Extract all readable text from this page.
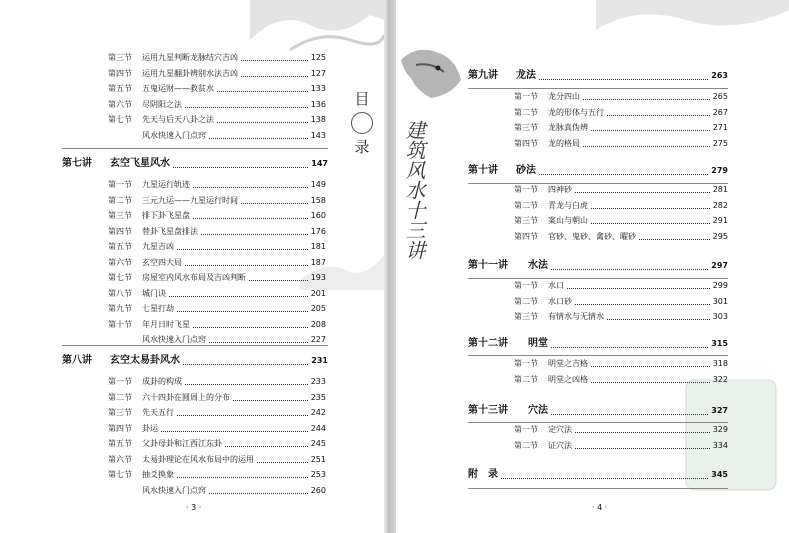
目
录
第三节	运用九星判断龙脉结穴吉凶	125
第四节	运用九星翻卦辨别水法吉凶	127
第五节	五鬼运财——救贫水	133
第六节	尽阴阳之法	136
第七节	先天与后天八卦之法	138
风水快速入门点窍	143
第七讲	玄空飞星风水	147
第一节	九星运行轨迹	149
第二节	三元九运——九星运行时间	158
第三节	排下卦飞星盘	160
第四节	替卦飞星盘排法	176
第五节	九星吉凶	181
第六节	玄空四大局	187
第七节	房屋室内风水布局及吉凶判断	193
第八节	城门诀	201
第九节	七星打劫	205
第十节	年月日时飞星	208
风水快速入门点窍	227
第八讲	玄空太易卦风水	231
第一节	成卦的构成	233
第二节	六十四卦在圆周上的分布	235
第三节	先天五行	242
第四节	卦运	244
第五节	父卦母卦和江西江东卦	245
第六节	太易卦理论在风水布局中的运用	251
第七节	抽爻换象	253
风水快速入门点窍	260
· 3 ·
建筑风水十三讲
第九讲	龙法	263
第一节	龙分四山	265
第二节	龙的形体与五行	267
第三节	龙脉真伪辨	271
第四节	龙的格局	275
第十讲	砂法	279
第一节	四神砂	281
第二节	青龙与白虎	282
第三节	案山与朝山	291
第四节	官砂、鬼砂、禽砂、曜砂	295
第十一讲	水法	297
第一节	水口	299
第二节	水口砂	301
第三节	有情水与无情水	303
第十二讲	明堂	315
第一节	明堂之吉格	318
第二节	明堂之凶格	322
第十三讲	穴法	327
第一节	定穴法	329
第二节	证穴法	334
附　录	345
· 4 ·
